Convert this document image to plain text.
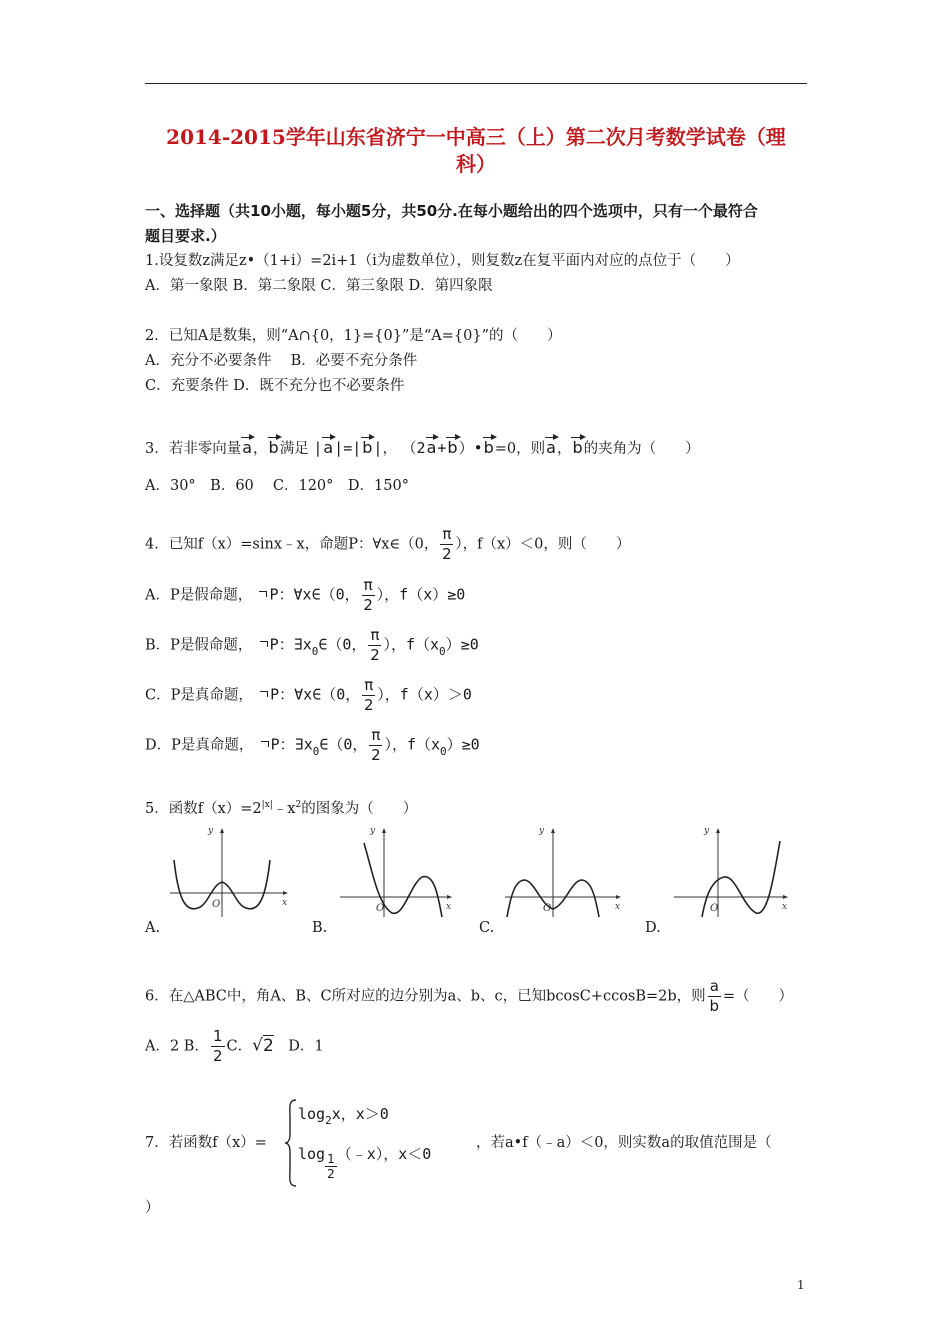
2014-2015学年山东省济宁一中高三（上）第二次月考数学试卷（理
科）
一、选择题（共10小题，每小题5分，共50分.在每小题给出的四个选项中，只有一个最符合
题目要求.）
1.设复数z满足z•（1+i）=2i+1（i为虚数单位），则复数z在复平面内对应的点位于（　　）
A．第一象限 B．第二象限 C．第三象限 D．第四象限
2．已知A是数集，则“A∩{0，1}={0}”是“A={0}”的（　　）
A．充分不必要条件　 B．必要不充分条件
C．充要条件 D．既不充分也不必要条件
3．若非零向量a，b满足 |a|=|b|， （2a+b）•b=0，则a，b的夹角为（　　）
A．30°　B．60　 C．120°　D．150°
4．已知f（x）=sinx﹣x，命题P：∀x∈（0， $\frac{\pi}{2}$ ），f（x）＜0，则（　　）
A．P是假命题，　 P：∀x∈（0， $\frac{\pi}{2}$ ），f（x）≥0
B．P是假命题，　 P：$\exists x_0\in(0$， $\frac{\pi}{2}$ ），$f(x_0)\ge 0$
C．P是真命题，　 P：∀x∈（0， $\frac{\pi}{2}$ ），f（x）＞0
D．P是真命题，　 P：$\exists x_0\in(0$， $\frac{\pi}{2}$ ），$f(x_0)\ge 0$
5．函数$f(x)=2^{|x|}﹣x^2$的图象为（　　）
y
x
O
A.
y
x
O
B.
y
x
O
C.
y
x
O
D.
6．在△ABC中，角A、B、C所对应的边分别为a、b、c，已知bcosC+ccosB=2b，则 $\frac{a}{b}$ =（　　）
A．2 B． $\frac{1}{2}$ C．√2　D．1
7．若函数f（x）=
$\log_2x$，x＞0
$\log \frac{1}{2}$ （﹣x），x＜0
，若a•f（﹣a）＜0，则实数a的取值范围是（
）
1
